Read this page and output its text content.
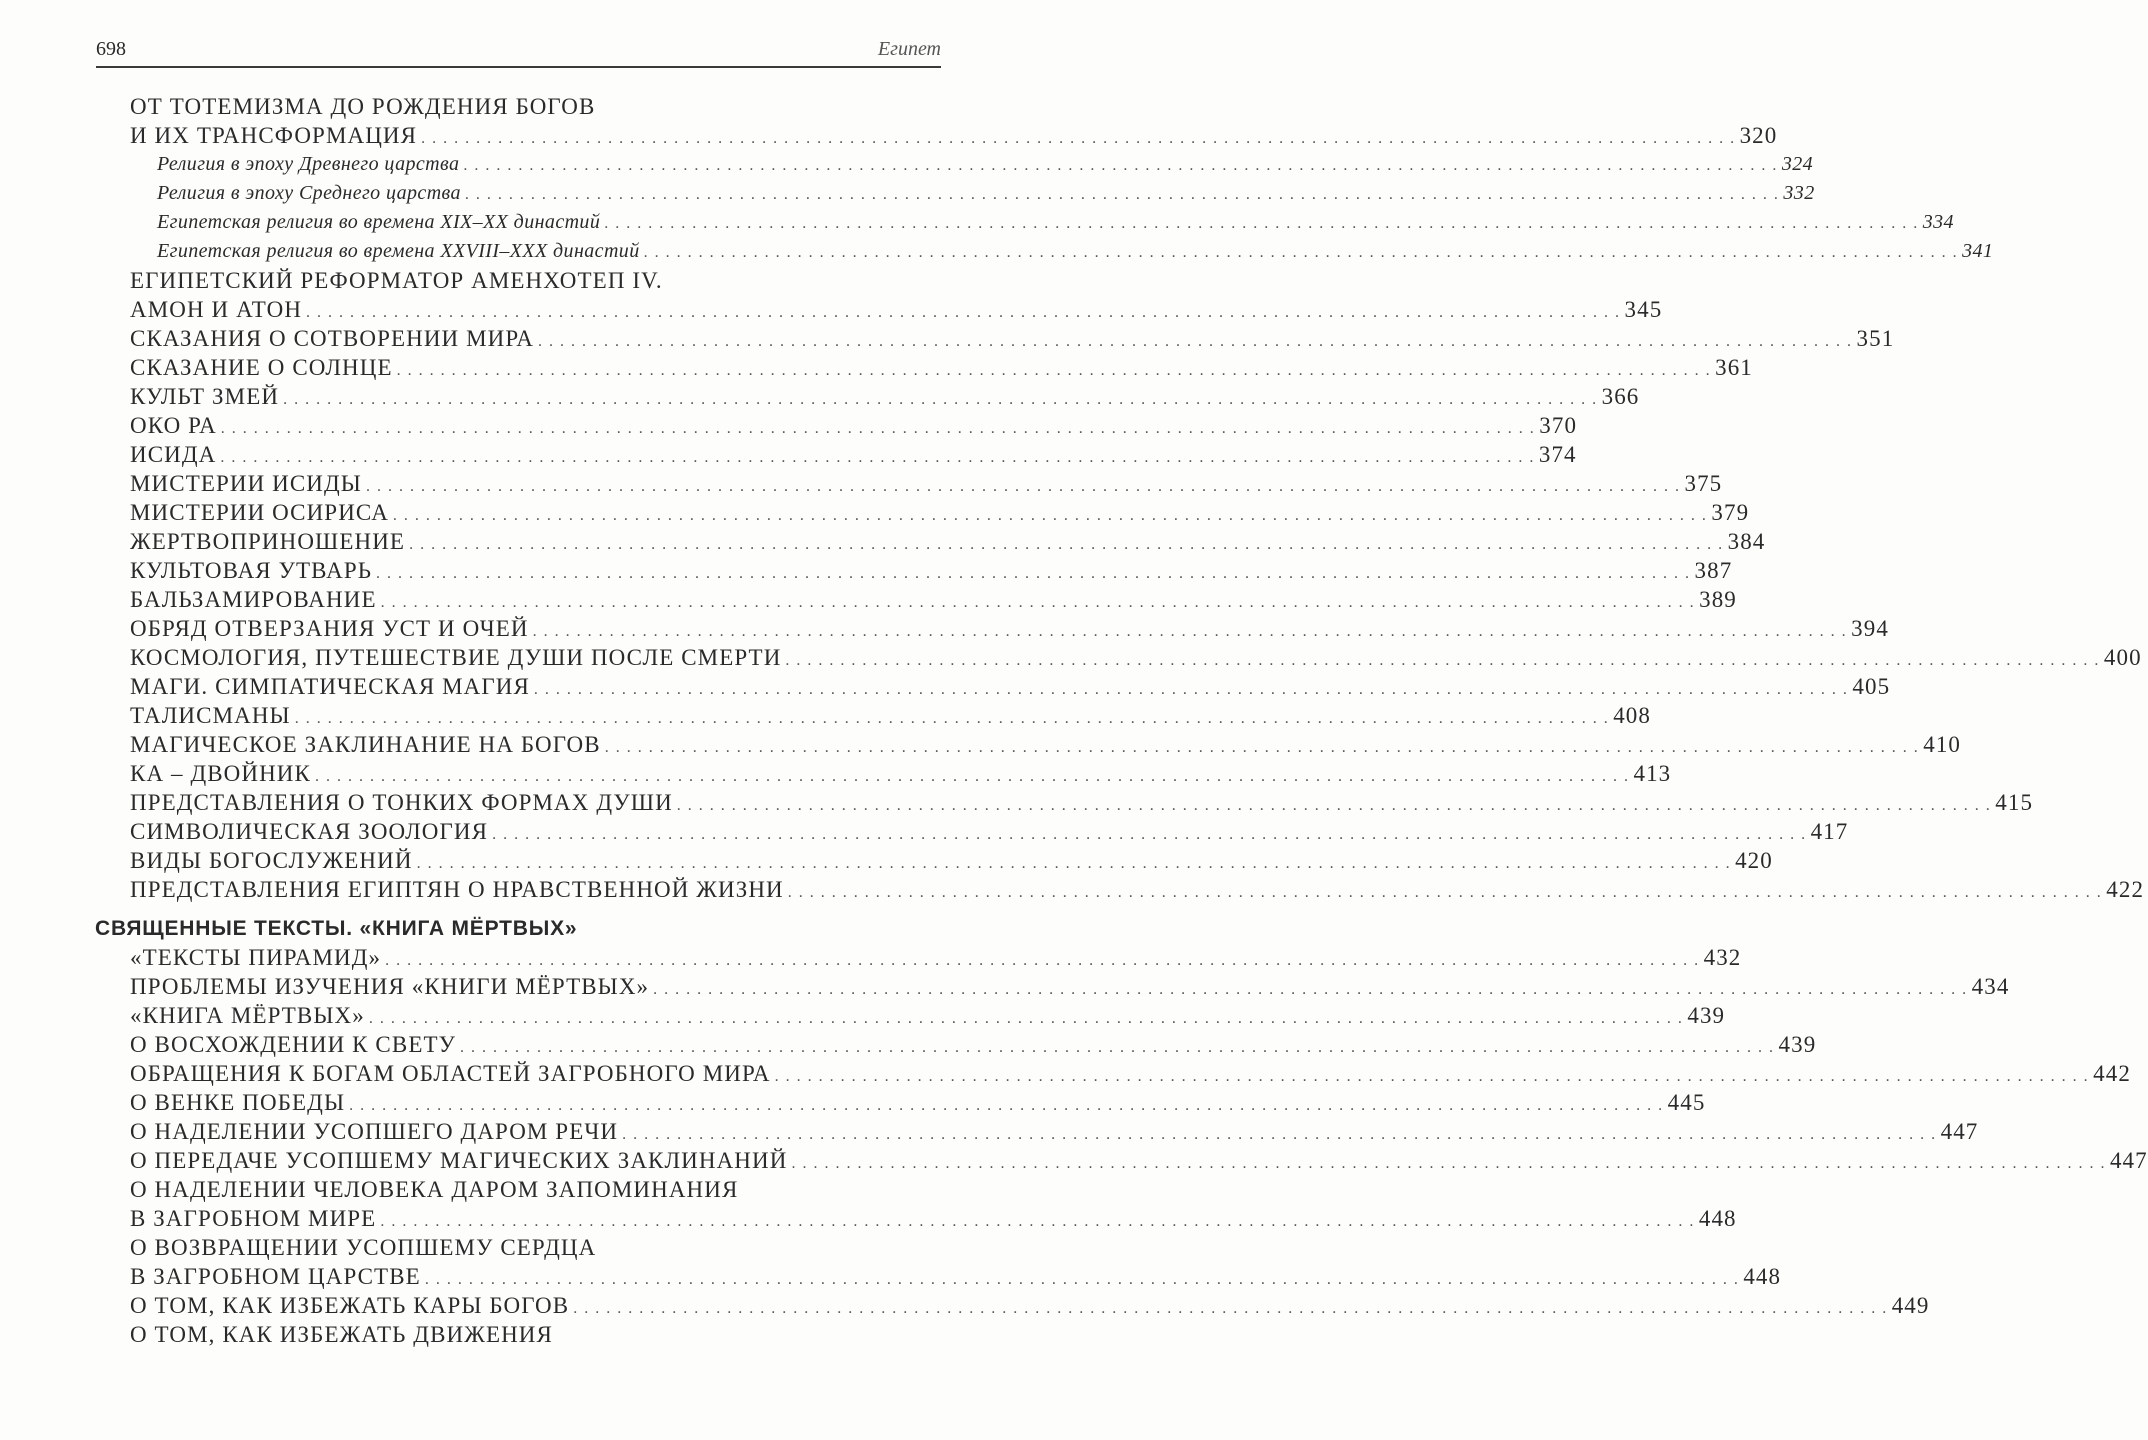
698	Египет
ОТ ТОТЕМИЗМА ДО РОЖДЕНИЯ БОГОВ
И ИХ ТРАНСФОРМАЦИЯ . . . . . . . . . . . . . . . . . . . . . . . . . . . . . . . . . . . . . . . . . . . . . . . . . . . . . . . . . . . . . . . . . . . . . . . . . . . . . . . . . . . . . . . . . . . . . . . . . . . . . . . . . . . . . . . . . . . . . . . . 320
Религия в эпоху Древнего царства . . . . . . . . . . . . . . . . . . . . . . . . . . . . . . . . . . . . . . . . . . . . . . . . . . . . . . . . . . . . . . . . . . . . . . . . . . . . . . . . . . . . . . . . . . . . . . . . . . . . . . . . . . . . . . . . . . . . . . . . 324
Религия в эпоху Среднего царства . . . . . . . . . . . . . . . . . . . . . . . . . . . . . . . . . . . . . . . . . . . . . . . . . . . . . . . . . . . . . . . . . . . . . . . . . . . . . . . . . . . . . . . . . . . . . . . . . . . . . . . . . . . . . . . . . . . . . . . . 332
Египетская религия во времена XIX–XX династий . . . . . . . . . . . . . . . . . . . . . . . . . . . . . . . . . . . . . . . . . . . . . . . . . . . . . . . . . . . . . . . . . . . . . . . . . . . . . . . . . . . . . . . . . . . . . . . . . . . . . . . . . . . . . . . . . . . . . . . . 334
Египетская религия во времена XXVIII–XXX династий . . . . . . . . . . . . . . . . . . . . . . . . . . . . . . . . . . . . . . . . . . . . . . . . . . . . . . . . . . . . . . . . . . . . . . . . . . . . . . . . . . . . . . . . . . . . . . . . . . . . . . . . . . . . . . . . . . . . . . . . 341
ЕГИПЕТСКИЙ РЕФОРМАТОР АМЕНХОТЕП IV.
АМОН И АТОН . . . . . . . . . . . . . . . . . . . . . . . . . . . . . . . . . . . . . . . . . . . . . . . . . . . . . . . . . . . . . . . . . . . . . . . . . . . . . . . . . . . . . . . . . . . . . . . . . . . . . . . . . . . . . . . . . . . . . . . . 345
СКАЗАНИЯ О СОТВОРЕНИИ МИРА . . . . . . . . . . . . . . . . . . . . . . . . . . . . . . . . . . . . . . . . . . . . . . . . . . . . . . . . . . . . . . . . . . . . . . . . . . . . . . . . . . . . . . . . . . . . . . . . . . . . . . . . . . . . . . . . . . . . . . . . 351
СКАЗАНИЕ О СОЛНЦЕ . . . . . . . . . . . . . . . . . . . . . . . . . . . . . . . . . . . . . . . . . . . . . . . . . . . . . . . . . . . . . . . . . . . . . . . . . . . . . . . . . . . . . . . . . . . . . . . . . . . . . . . . . . . . . . . . . . . . . . . . 361
КУЛЬТ ЗМЕЙ . . . . . . . . . . . . . . . . . . . . . . . . . . . . . . . . . . . . . . . . . . . . . . . . . . . . . . . . . . . . . . . . . . . . . . . . . . . . . . . . . . . . . . . . . . . . . . . . . . . . . . . . . . . . . . . . . . . . . . . . 366
ОКО РА . . . . . . . . . . . . . . . . . . . . . . . . . . . . . . . . . . . . . . . . . . . . . . . . . . . . . . . . . . . . . . . . . . . . . . . . . . . . . . . . . . . . . . . . . . . . . . . . . . . . . . . . . . . . . . . . . . . . . . . . 370
ИСИДА . . . . . . . . . . . . . . . . . . . . . . . . . . . . . . . . . . . . . . . . . . . . . . . . . . . . . . . . . . . . . . . . . . . . . . . . . . . . . . . . . . . . . . . . . . . . . . . . . . . . . . . . . . . . . . . . . . . . . . . . 374
МИСТЕРИИ ИСИДЫ . . . . . . . . . . . . . . . . . . . . . . . . . . . . . . . . . . . . . . . . . . . . . . . . . . . . . . . . . . . . . . . . . . . . . . . . . . . . . . . . . . . . . . . . . . . . . . . . . . . . . . . . . . . . . . . . . . . . . . . . 375
МИСТЕРИИ ОСИРИСА . . . . . . . . . . . . . . . . . . . . . . . . . . . . . . . . . . . . . . . . . . . . . . . . . . . . . . . . . . . . . . . . . . . . . . . . . . . . . . . . . . . . . . . . . . . . . . . . . . . . . . . . . . . . . . . . . . . . . . . . 379
ЖЕРТВОПРИНОШЕНИЕ . . . . . . . . . . . . . . . . . . . . . . . . . . . . . . . . . . . . . . . . . . . . . . . . . . . . . . . . . . . . . . . . . . . . . . . . . . . . . . . . . . . . . . . . . . . . . . . . . . . . . . . . . . . . . . . . . . . . . . . . 384
КУЛЬТОВАЯ УТВАРЬ . . . . . . . . . . . . . . . . . . . . . . . . . . . . . . . . . . . . . . . . . . . . . . . . . . . . . . . . . . . . . . . . . . . . . . . . . . . . . . . . . . . . . . . . . . . . . . . . . . . . . . . . . . . . . . . . . . . . . . . . 387
БАЛЬЗАМИРОВАНИЕ . . . . . . . . . . . . . . . . . . . . . . . . . . . . . . . . . . . . . . . . . . . . . . . . . . . . . . . . . . . . . . . . . . . . . . . . . . . . . . . . . . . . . . . . . . . . . . . . . . . . . . . . . . . . . . . . . . . . . . . . 389
ОБРЯД ОТВЕРЗАНИЯ УСТ И ОЧЕЙ . . . . . . . . . . . . . . . . . . . . . . . . . . . . . . . . . . . . . . . . . . . . . . . . . . . . . . . . . . . . . . . . . . . . . . . . . . . . . . . . . . . . . . . . . . . . . . . . . . . . . . . . . . . . . . . . . . . . . . . . 394
КОСМОЛОГИЯ, ПУТЕШЕСТВИЕ ДУШИ ПОСЛЕ СМЕРТИ . . . . . . . . . . . . . . . . . . . . . . . . . . . . . . . . . . . . . . . . . . . . . . . . . . . . . . . . . . . . . . . . . . . . . . . . . . . . . . . . . . . . . . . . . . . . . . . . . . . . . . . . . . . . . . . . . . . . . . . . 400
МАГИ. СИМПАТИЧЕСКАЯ МАГИЯ . . . . . . . . . . . . . . . . . . . . . . . . . . . . . . . . . . . . . . . . . . . . . . . . . . . . . . . . . . . . . . . . . . . . . . . . . . . . . . . . . . . . . . . . . . . . . . . . . . . . . . . . . . . . . . . . . . . . . . . . 405
ТАЛИСМАНЫ . . . . . . . . . . . . . . . . . . . . . . . . . . . . . . . . . . . . . . . . . . . . . . . . . . . . . . . . . . . . . . . . . . . . . . . . . . . . . . . . . . . . . . . . . . . . . . . . . . . . . . . . . . . . . . . . . . . . . . . . 408
МАГИЧЕСКОЕ ЗАКЛИНАНИЕ НА БОГОВ . . . . . . . . . . . . . . . . . . . . . . . . . . . . . . . . . . . . . . . . . . . . . . . . . . . . . . . . . . . . . . . . . . . . . . . . . . . . . . . . . . . . . . . . . . . . . . . . . . . . . . . . . . . . . . . . . . . . . . . . 410
КА – ДВОЙНИК . . . . . . . . . . . . . . . . . . . . . . . . . . . . . . . . . . . . . . . . . . . . . . . . . . . . . . . . . . . . . . . . . . . . . . . . . . . . . . . . . . . . . . . . . . . . . . . . . . . . . . . . . . . . . . . . . . . . . . . . 413
ПРЕДСТАВЛЕНИЯ О ТОНКИХ ФОРМАХ ДУШИ . . . . . . . . . . . . . . . . . . . . . . . . . . . . . . . . . . . . . . . . . . . . . . . . . . . . . . . . . . . . . . . . . . . . . . . . . . . . . . . . . . . . . . . . . . . . . . . . . . . . . . . . . . . . . . . . . . . . . . . . 415
СИМВОЛИЧЕСКАЯ ЗООЛОГИЯ . . . . . . . . . . . . . . . . . . . . . . . . . . . . . . . . . . . . . . . . . . . . . . . . . . . . . . . . . . . . . . . . . . . . . . . . . . . . . . . . . . . . . . . . . . . . . . . . . . . . . . . . . . . . . . . . . . . . . . . . 417
ВИДЫ БОГОСЛУЖЕНИЙ . . . . . . . . . . . . . . . . . . . . . . . . . . . . . . . . . . . . . . . . . . . . . . . . . . . . . . . . . . . . . . . . . . . . . . . . . . . . . . . . . . . . . . . . . . . . . . . . . . . . . . . . . . . . . . . . . . . . . . . . 420
ПРЕДСТАВЛЕНИЯ ЕГИПТЯН О НРАВСТВЕННОЙ ЖИЗНИ . . . . . . . . . . . . . . . . . . . . . . . . . . . . . . . . . . . . . . . . . . . . . . . . . . . . . . . . . . . . . . . . . . . . . . . . . . . . . . . . . . . . . . . . . . . . . . . . . . . . . . . . . . . . . . . . . . . . . . . . 422
СВЯЩЕННЫЕ ТЕКСТЫ. «КНИГА МЁРТВЫХ»
«ТЕКСТЫ ПИРАМИД» . . . . . . . . . . . . . . . . . . . . . . . . . . . . . . . . . . . . . . . . . . . . . . . . . . . . . . . . . . . . . . . . . . . . . . . . . . . . . . . . . . . . . . . . . . . . . . . . . . . . . . . . . . . . . . . . . . . . . . . . 432
ПРОБЛЕМЫ ИЗУЧЕНИЯ «КНИГИ МЁРТВЫХ» . . . . . . . . . . . . . . . . . . . . . . . . . . . . . . . . . . . . . . . . . . . . . . . . . . . . . . . . . . . . . . . . . . . . . . . . . . . . . . . . . . . . . . . . . . . . . . . . . . . . . . . . . . . . . . . . . . . . . . . . 434
«КНИГА МЁРТВЫХ» . . . . . . . . . . . . . . . . . . . . . . . . . . . . . . . . . . . . . . . . . . . . . . . . . . . . . . . . . . . . . . . . . . . . . . . . . . . . . . . . . . . . . . . . . . . . . . . . . . . . . . . . . . . . . . . . . . . . . . . . 439
О ВОСХОЖДЕНИИ К СВЕТУ . . . . . . . . . . . . . . . . . . . . . . . . . . . . . . . . . . . . . . . . . . . . . . . . . . . . . . . . . . . . . . . . . . . . . . . . . . . . . . . . . . . . . . . . . . . . . . . . . . . . . . . . . . . . . . . . . . . . . . . . 439
ОБРАЩЕНИЯ К БОГАМ ОБЛАСТЕЙ ЗАГРОБНОГО МИРА . . . . . . . . . . . . . . . . . . . . . . . . . . . . . . . . . . . . . . . . . . . . . . . . . . . . . . . . . . . . . . . . . . . . . . . . . . . . . . . . . . . . . . . . . . . . . . . . . . . . . . . . . . . . . . . . . . . . . . . . 442
О ВЕНКЕ ПОБЕДЫ . . . . . . . . . . . . . . . . . . . . . . . . . . . . . . . . . . . . . . . . . . . . . . . . . . . . . . . . . . . . . . . . . . . . . . . . . . . . . . . . . . . . . . . . . . . . . . . . . . . . . . . . . . . . . . . . . . . . . . . . 445
О НАДЕЛЕНИИ УСОПШЕГО ДАРОМ РЕЧИ . . . . . . . . . . . . . . . . . . . . . . . . . . . . . . . . . . . . . . . . . . . . . . . . . . . . . . . . . . . . . . . . . . . . . . . . . . . . . . . . . . . . . . . . . . . . . . . . . . . . . . . . . . . . . . . . . . . . . . . . 447
О ПЕРЕДАЧЕ УСОПШЕМУ МАГИЧЕСКИХ ЗАКЛИНАНИЙ . . . . . . . . . . . . . . . . . . . . . . . . . . . . . . . . . . . . . . . . . . . . . . . . . . . . . . . . . . . . . . . . . . . . . . . . . . . . . . . . . . . . . . . . . . . . . . . . . . . . . . . . . . . . . . . . . . . . . . . . 447
О НАДЕЛЕНИИ ЧЕЛОВЕКА ДАРОМ ЗАПОМИНАНИЯ
В ЗАГРОБНОМ МИРЕ . . . . . . . . . . . . . . . . . . . . . . . . . . . . . . . . . . . . . . . . . . . . . . . . . . . . . . . . . . . . . . . . . . . . . . . . . . . . . . . . . . . . . . . . . . . . . . . . . . . . . . . . . . . . . . . . . . . . . . . . 448
О ВОЗВРАЩЕНИИ УСОПШЕМУ СЕРДЦА
В ЗАГРОБНОМ ЦАРСТВЕ . . . . . . . . . . . . . . . . . . . . . . . . . . . . . . . . . . . . . . . . . . . . . . . . . . . . . . . . . . . . . . . . . . . . . . . . . . . . . . . . . . . . . . . . . . . . . . . . . . . . . . . . . . . . . . . . . . . . . . . . 448
О ТОМ, КАК ИЗБЕЖАТЬ КАРЫ БОГОВ . . . . . . . . . . . . . . . . . . . . . . . . . . . . . . . . . . . . . . . . . . . . . . . . . . . . . . . . . . . . . . . . . . . . . . . . . . . . . . . . . . . . . . . . . . . . . . . . . . . . . . . . . . . . . . . . . . . . . . . . 449
О ТОМ, КАК ИЗБЕЖАТЬ ДВИЖЕНИЯ
